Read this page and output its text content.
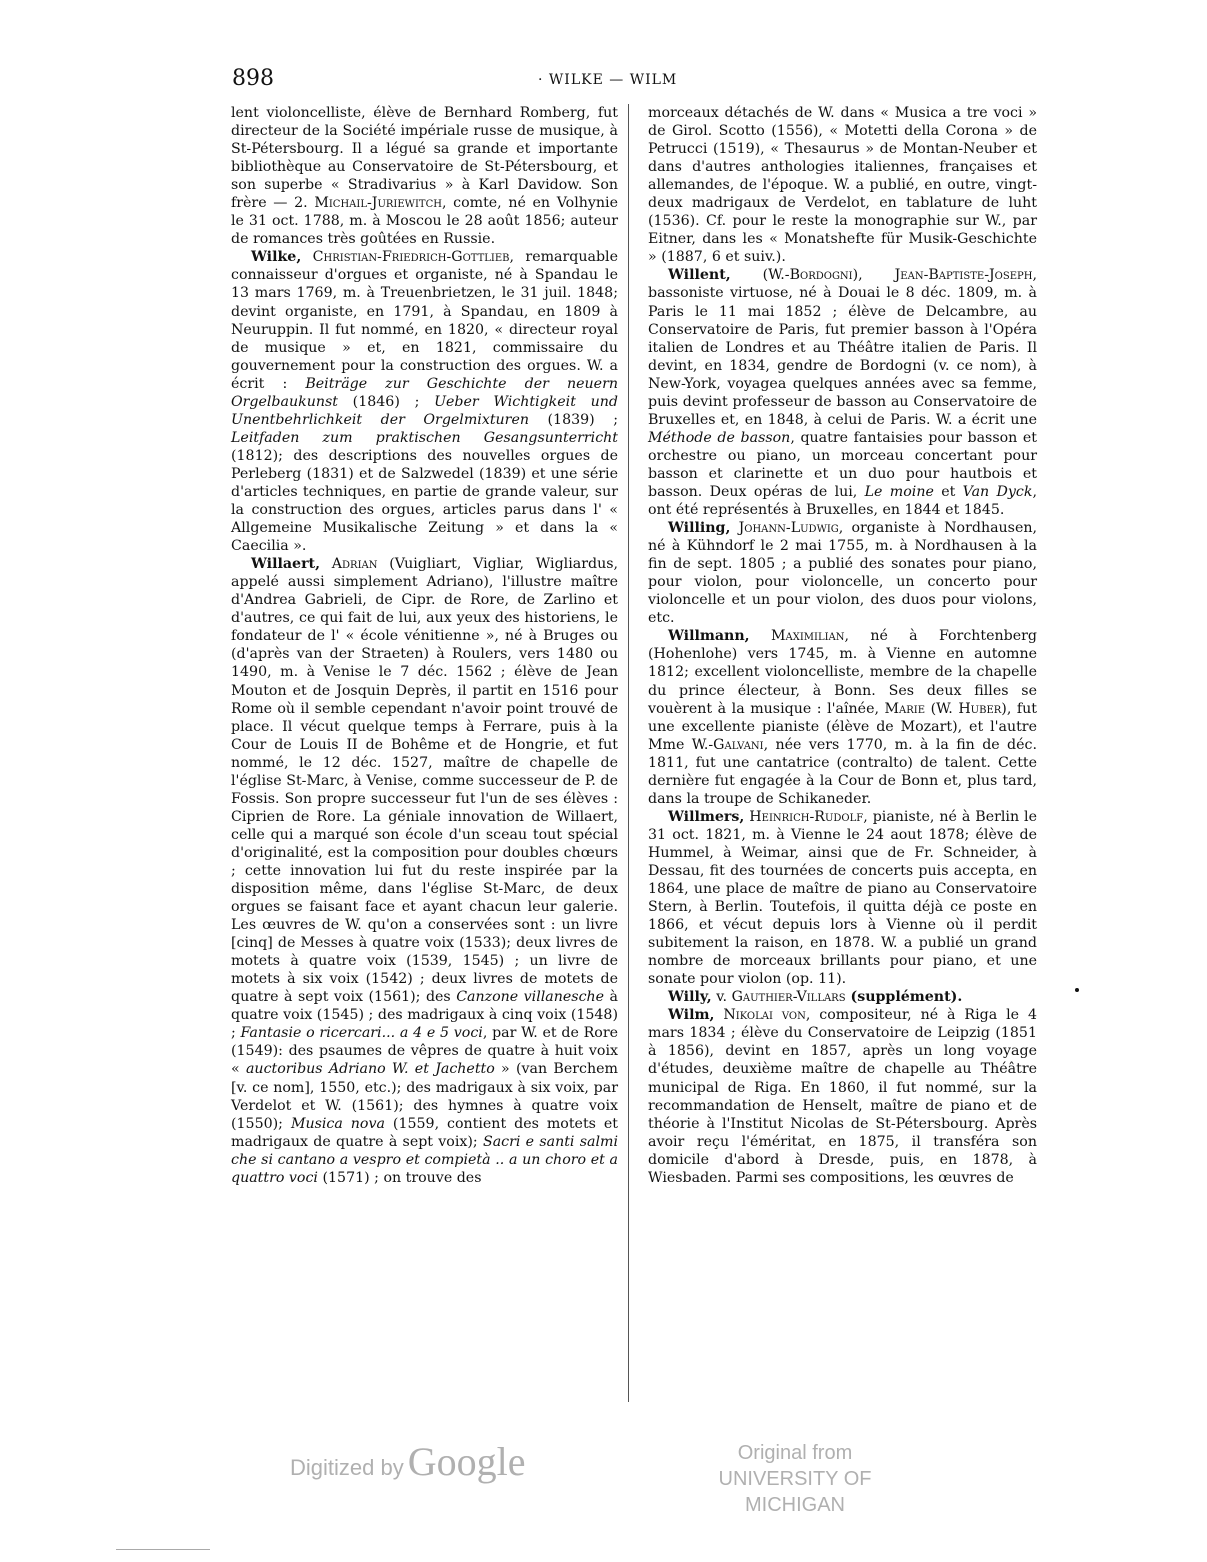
898	· WILKE — WILM

lent violoncelliste, élève de Bernhard Romberg, fut directeur de la Société impériale russe de musique, à St-Pétersbourg. Il a légué sa grande et importante bibliothèque au Conservatoire de St-Pétersbourg, et son superbe « Stradivarius » à Karl Davidow. Son frère — 2. Michail-Juriewitch, comte, né en Volhynie le 31 oct. 1788, m. à Moscou le 28 août 1856; auteur de romances très goûtées en Russie.

Wilke, Christian-Friedrich-Gottlieb, remarquable connaisseur d'orgues et organiste, né à Spandau le 13 mars 1769, m. à Treuenbrietzen, le 31 juil. 1848; devint organiste, en 1791, à Spandau, en 1809 à Neuruppin. Il fut nommé, en 1820, « directeur royal de musique » et, en 1821, commissaire du gouvernement pour la construction des orgues. W. a écrit : Beiträge zur Geschichte der neuern Orgelbaukunst (1846) ; Ueber Wichtigkeit und Unentbehrlichkeit der Orgelmixturen (1839) ; Leitfaden zum praktischen Gesangsunterricht (1812); des descriptions des nouvelles orgues de Perleberg (1831) et de Salzwedel (1839) et une série d'articles techniques, en partie de grande valeur, sur la construction des orgues, articles parus dans l' « Allgemeine Musikalische Zeitung » et dans la « Caecilia ».

Willaert, Adrian (Vuigliart, Vigliar, Wigliardus, appelé aussi simplement Adriano), l'illustre maître d'Andrea Gabrieli, de Cipr. de Rore, de Zarlino et d'autres, ce qui fait de lui, aux yeux des historiens, le fondateur de l' « école vénitienne », né à Bruges ou (d'après van der Straeten) à Roulers, vers 1480 ou 1490, m. à Venise le 7 déc. 1562 ; élève de Jean Mouton et de Josquin Deprès, il partit en 1516 pour Rome où il semble cependant n'avoir point trouvé de place. Il vécut quelque temps à Ferrare, puis à la Cour de Louis II de Bohême et de Hongrie, et fut nommé, le 12 déc. 1527, maître de chapelle de l'église St-Marc, à Venise, comme successeur de P. de Fossis. Son propre successeur fut l'un de ses élèves : Ciprien de Rore. La géniale innovation de Willaert, celle qui a marqué son école d'un sceau tout spécial d'originalité, est la composition pour doubles chœurs ; cette innovation lui fut du reste inspirée par la disposition même, dans l'église St-Marc, de deux orgues se faisant face et ayant chacun leur galerie. Les œuvres de W. qu'on a conservées sont : un livre [cinq] de Messes à quatre voix (1533); deux livres de motets à quatre voix (1539, 1545) ; un livre de motets à six voix (1542) ; deux livres de motets de quatre à sept voix (1561); des Canzone villanesche à quatre voix (1545) ; des madrigaux à cinq voix (1548) ; Fantasie o ricercari... a 4 e 5 voci, par W. et de Rore (1549): des psaumes de vêpres de quatre à huit voix « auctoribus Adriano W. et Jachetto » (van Berchem [v. ce nom], 1550, etc.); des madrigaux à six voix, par Verdelot et W. (1561); des hymnes à quatre voix (1550); Musica nova (1559, contient des motets et madrigaux de quatre à sept voix); Sacri e santi salmi che si cantano a vespro et compietà .. a un choro et a quattro voci (1571) ; on trouve des

morceaux détachés de W. dans « Musica a tre voci » de Girol. Scotto (1556), « Motetti della Corona » de Petrucci (1519), « Thesaurus » de Montan-Neuber et dans d'autres anthologies italiennes, françaises et allemandes, de l'époque. W. a publié, en outre, vingt-deux madrigaux de Verdelot, en tablature de luht (1536). Cf. pour le reste la monographie sur W., par Eitner, dans les « Monatshefte für Musik-Geschichte » (1887, 6 et suiv.).

Willent, (W.-Bordogni), Jean-Baptiste-Joseph, bassoniste virtuose, né à Douai le 8 déc. 1809, m. à Paris le 11 mai 1852 ; élève de Delcambre, au Conservatoire de Paris, fut premier basson à l'Opéra italien de Londres et au Théâtre italien de Paris. Il devint, en 1834, gendre de Bordogni (v. ce nom), à New-York, voyagea quelques années avec sa femme, puis devint professeur de basson au Conservatoire de Bruxelles et, en 1848, à celui de Paris. W. a écrit une Méthode de basson, quatre fantaisies pour basson et orchestre ou piano, un morceau concertant pour basson et clarinette et un duo pour hautbois et basson. Deux opéras de lui, Le moine et Van Dyck, ont été représentés à Bruxelles, en 1844 et 1845.

Willing, Johann-Ludwig, organiste à Nordhausen, né à Kühndorf le 2 mai 1755, m. à Nordhausen à la fin de sept. 1805 ; a publié des sonates pour piano, pour violon, pour violoncelle, un concerto pour violoncelle et un pour violon, des duos pour violons, etc.

Willmann, Maximilian, né à Forchtenberg (Hohenlohe) vers 1745, m. à Vienne en automne 1812; excellent violoncelliste, membre de la chapelle du prince électeur, à Bonn. Ses deux filles se vouèrent à la musique : l'aînée, Marie (W. Huber), fut une excellente pianiste (élève de Mozart), et l'autre Mme W.-Galvani, née vers 1770, m. à la fin de déc. 1811, fut une cantatrice (contralto) de talent. Cette dernière fut engagée à la Cour de Bonn et, plus tard, dans la troupe de Schikaneder.

Willmers, Heinrich-Rudolf, pianiste, né à Berlin le 31 oct. 1821, m. à Vienne le 24 aout 1878; élève de Hummel, à Weimar, ainsi que de Fr. Schneider, à Dessau, fit des tournées de concerts puis accepta, en 1864, une place de maître de piano au Conservatoire Stern, à Berlin. Toutefois, il quitta déjà ce poste en 1866, et vécut depuis lors à Vienne où il perdit subitement la raison, en 1878. W. a publié un grand nombre de morceaux brillants pour piano, et une sonate pour violon (op. 11).

Willy, v. Gauthier-Villars (supplément).

Wilm, Nikolai von, compositeur, né à Riga le 4 mars 1834 ; élève du Conservatoire de Leipzig (1851 à 1856), devint en 1857, après un long voyage d'études, deuxième maître de chapelle au Théâtre municipal de Riga. En 1860, il fut nommé, sur la recommandation de Henselt, maître de piano et de théorie à l'Institut Nicolas de St-Pétersbourg. Après avoir reçu l'éméritat, en 1875, il transféra son domicile d'abord à Dresde, puis, en 1878, à Wiesbaden. Parmi ses compositions, les œuvres de

Digitized by Google	Original from
UNIVERSITY OF MICHIGAN
